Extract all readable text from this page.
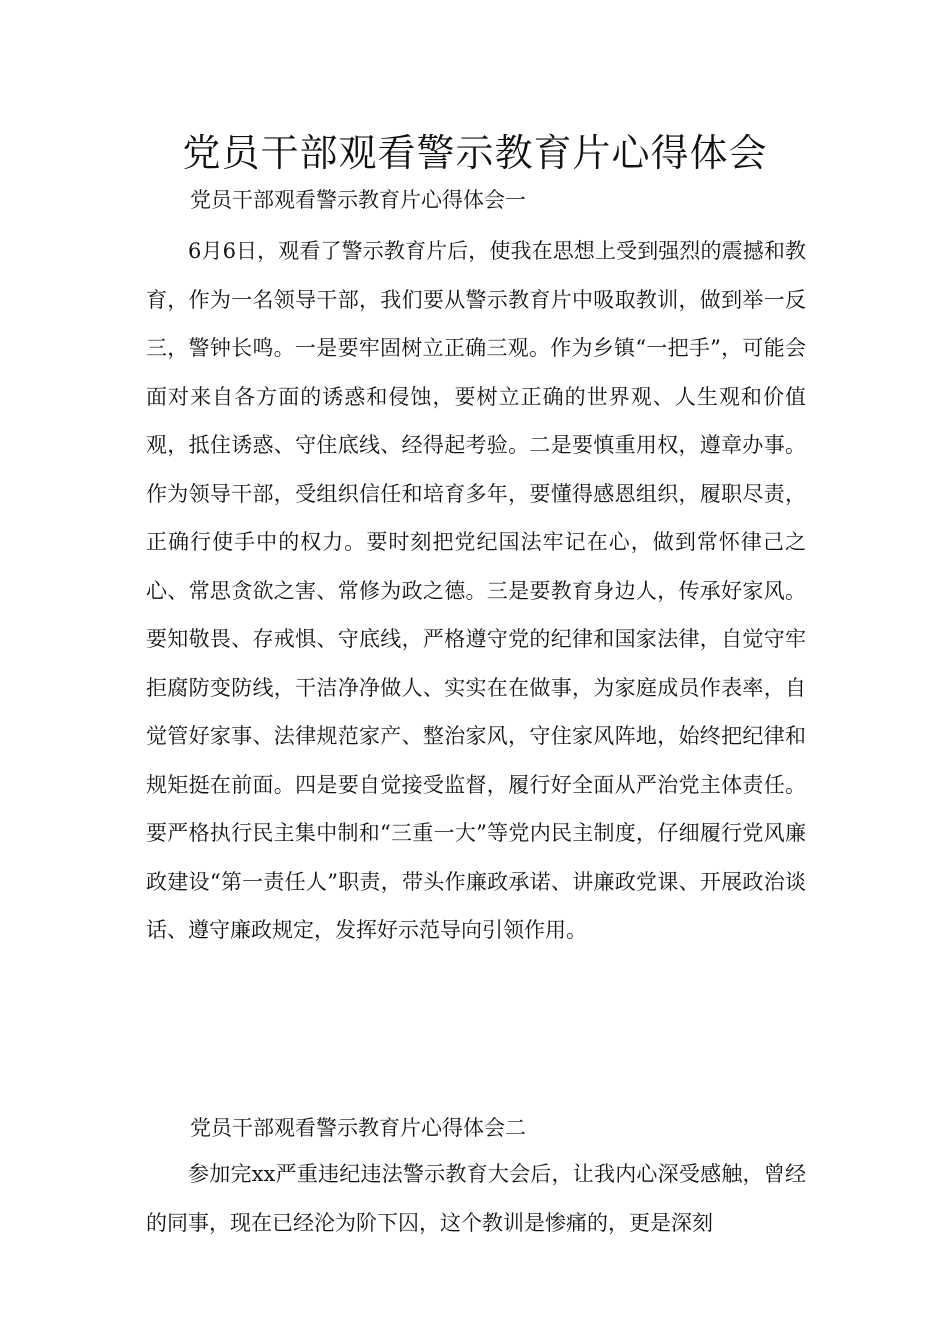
党员干部观看警示教育片心得体会

党员干部观看警示教育片心得体会一

6月6日，观看了警示教育片后，使我在思想上受到强烈的震撼和教育，作为一名领导干部，我们要从警示教育片中吸取教训，做到举一反三，警钟长鸣。一是要牢固树立正确三观。作为乡镇“一把手”，可能会面对来自各方面的诱惑和侵蚀，要树立正确的世界观、人生观和价值观，抵住诱惑、守住底线、经得起考验。二是要慎重用权，遵章办事。作为领导干部，受组织信任和培育多年，要懂得感恩组织，履职尽责，正确行使手中的权力。要时刻把党纪国法牢记在心，做到常怀律己之心、常思贪欲之害、常修为政之德。三是要教育身边人，传承好家风。要知敬畏、存戒惧、守底线，严格遵守党的纪律和国家法律，自觉守牢拒腐防变防线，干洁净净做人、实实在在做事，为家庭成员作表率，自觉管好家事、法律规范家产、整治家风，守住家风阵地，始终把纪律和规矩挺在前面。四是要自觉接受监督，履行好全面从严治党主体责任。要严格执行民主集中制和“三重一大”等党内民主制度，仔细履行党风廉政建设“第一责任人”职责，带头作廉政承诺、讲廉政党课、开展政治谈话、遵守廉政规定，发挥好示范导向引领作用。

党员干部观看警示教育片心得体会二

参加完xx严重违纪违法警示教育大会后，让我内心深受感触，曾经的同事，现在已经沦为阶下囚，这个教训是惨痛的，更是深刻
